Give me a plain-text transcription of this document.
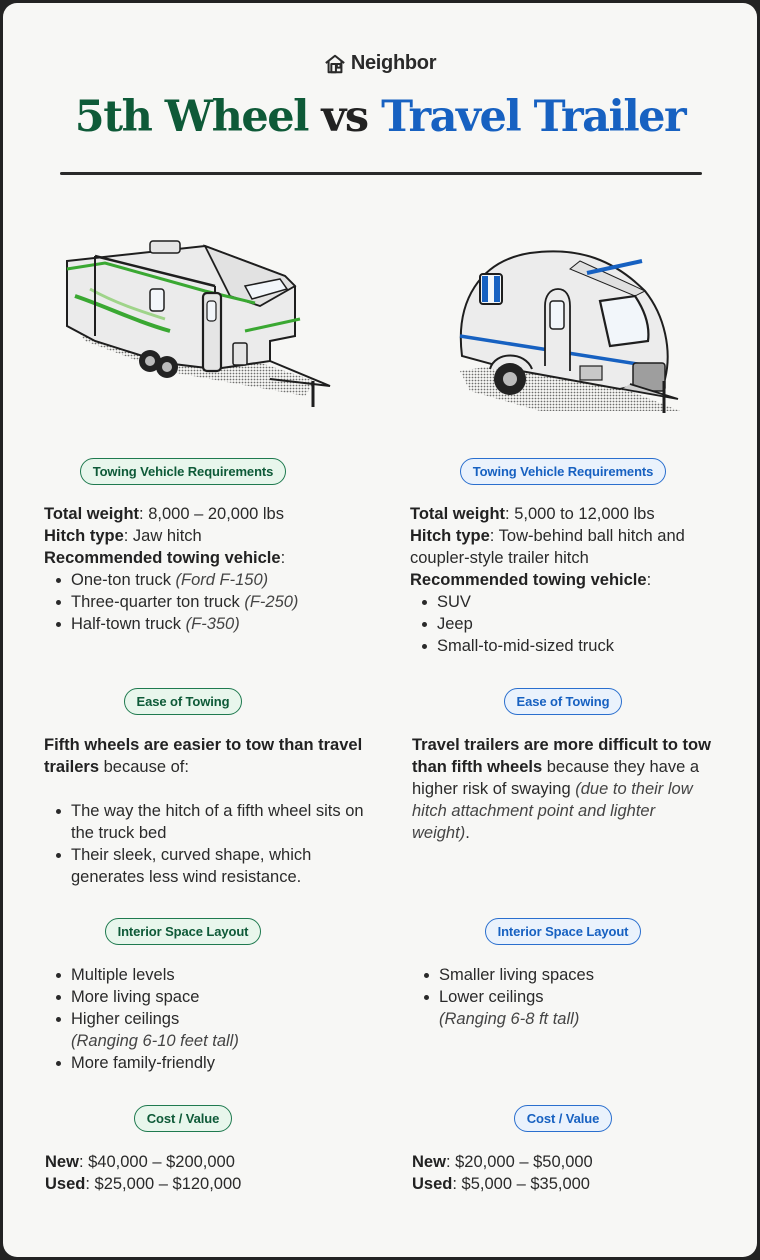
Neighbor
5th Wheel vs Travel Trailer
Towing Vehicle Requirements
Total weight: 8,000 – 20,000 lbs
Hitch type: Jaw hitch
Recommended towing vehicle:
One-ton truck (Ford F-150)
Three-quarter ton truck (F-250)
Half-town truck (F-350)
Ease of Towing
Fifth wheels are easier to tow than travel trailers because of:
The way the hitch of a fifth wheel sits on the truck bed
Their sleek, curved shape, which generates less wind resistance.
Interior Space Layout
Multiple levels
More living space
Higher ceilings
(Ranging 6-10 feet tall)
More family-friendly
Cost / Value
New: $40,000 – $200,000
Used: $25,000 – $120,000
Towing Vehicle Requirements
Total weight: 5,000 to 12,000 lbs
Hitch type: Tow-behind ball hitch and coupler-style trailer hitch
Recommended towing vehicle:
SUV
Jeep
Small-to-mid-sized truck
Ease of Towing
Travel trailers are more difficult to tow than fifth wheels because they have a higher risk of swaying (due to their low hitch attachment point and lighter weight).
Interior Space Layout
Smaller living spaces
Lower ceilings
(Ranging 6-8 ft tall)
Cost / Value
New: $20,000 – $50,000
Used: $5,000 – $35,000
